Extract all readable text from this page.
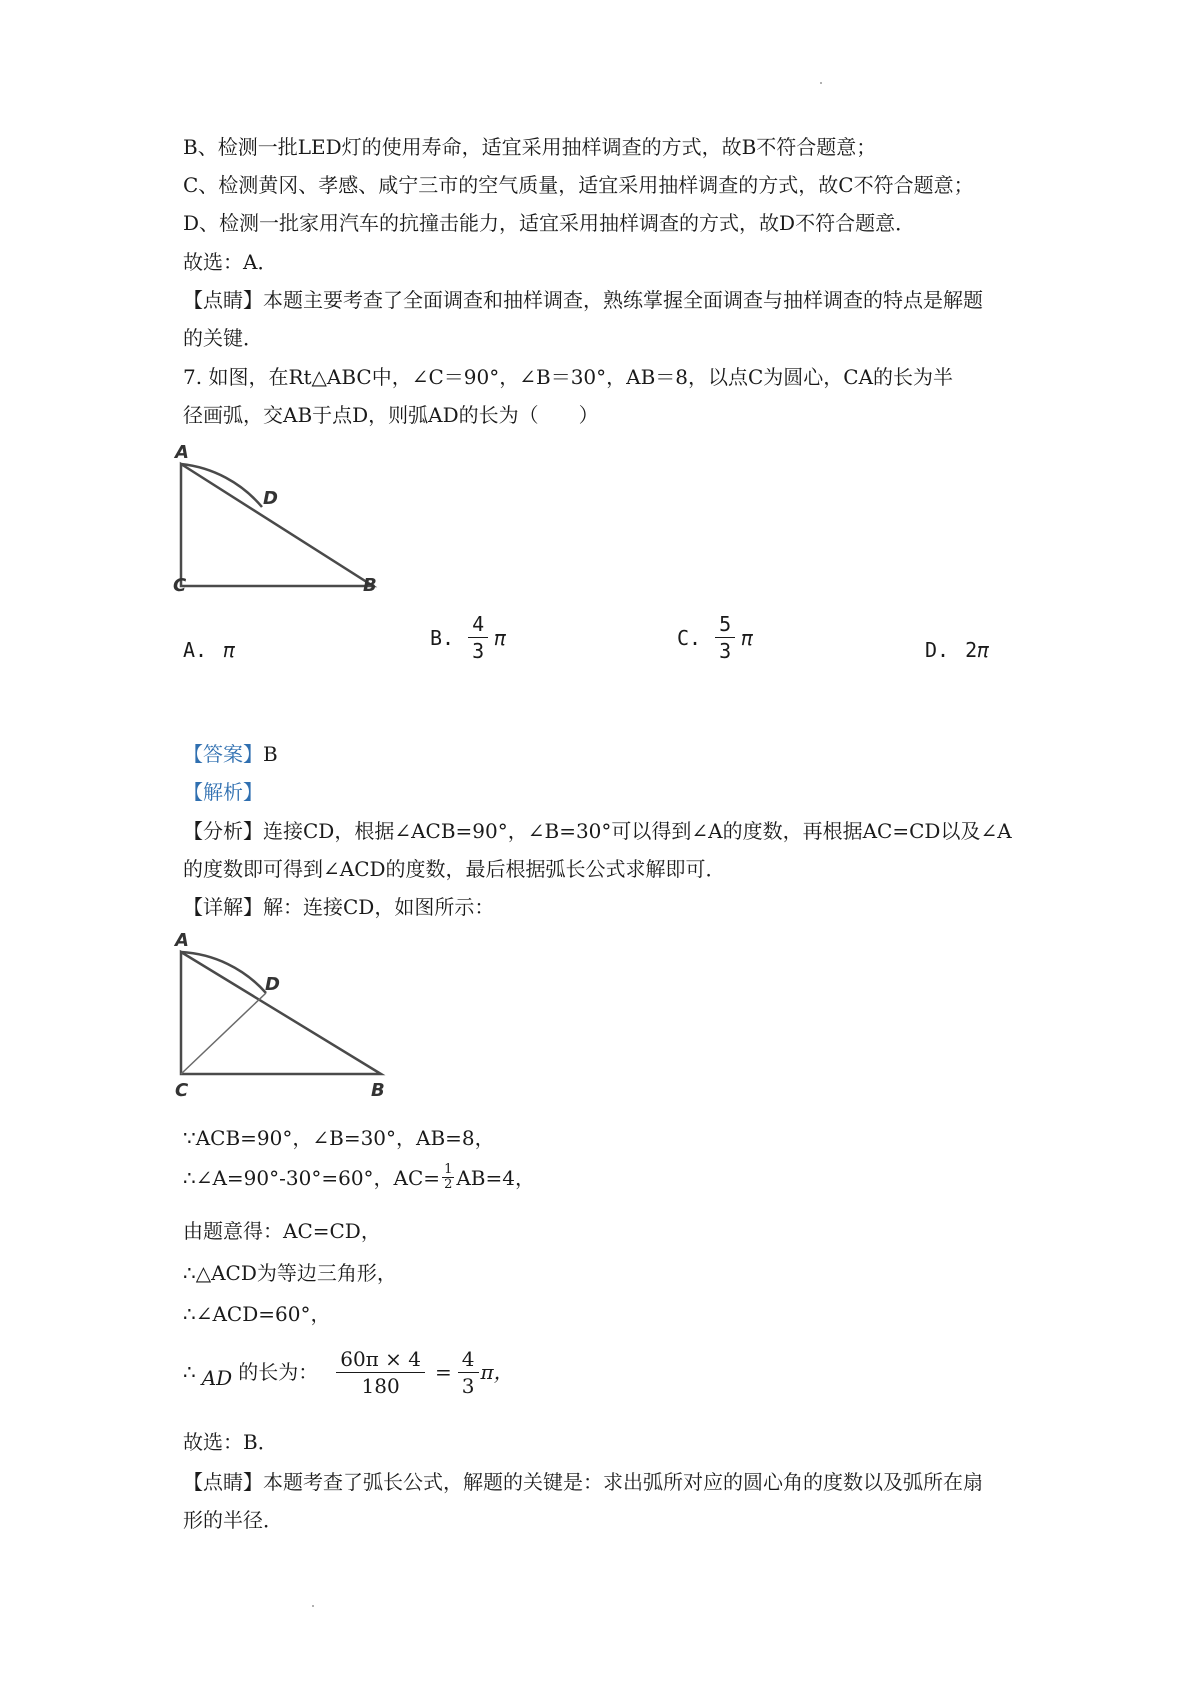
B、检测一批LED灯的使用寿命，适宜采用抽样调查的方式，故B不符合题意；
C、检测黄冈、孝感、咸宁三市的空气质量，适宜采用抽样调查的方式，故C不符合题意；
D、检测一批家用汽车的抗撞击能力，适宜采用抽样调查的方式，故D不符合题意．
故选：A．
【点睛】本题主要考查了全面调查和抽样调查，熟练掌握全面调查与抽样调查的特点是解题
的关键．
7. 如图，在Rt△ABC中，∠C＝90°，∠B＝30°，AB＝8，以点C为圆心，CA的长为半
径画弧，交AB于点D，则弧AD的长为（　　）
A
D
C	B
A. π
B. $\frac{4}{3}$ π	C. $\frac{5}{3}$ π
D. 2 π
【答案】B
【解析】
【分析】连接CD，根据∠ACB=90°，∠B=30°可以得到∠A的度数，再根据AC=CD以及∠A
的度数即可得到∠ACD的度数，最后根据弧长公式求解即可．
【详解】解：连接CD，如图所示：
A
D
C	B
∵ACB=90°，∠B=30°，AB=8，
∴∠A=90°-30°=60°，$AC= \frac{1}{2} AB=4$，
由题意得：AC=CD，
∴△ACD为等边三角形，
∴∠ACD=60°，
∴ AD 的长为： $\frac{60\pi \times 4}{180} = \frac{4}{3}$ π，
故选：B．
【点睛】本题考查了弧长公式，解题的关键是：求出弧所对应的圆心角的度数以及弧所在扇
形的半径．
